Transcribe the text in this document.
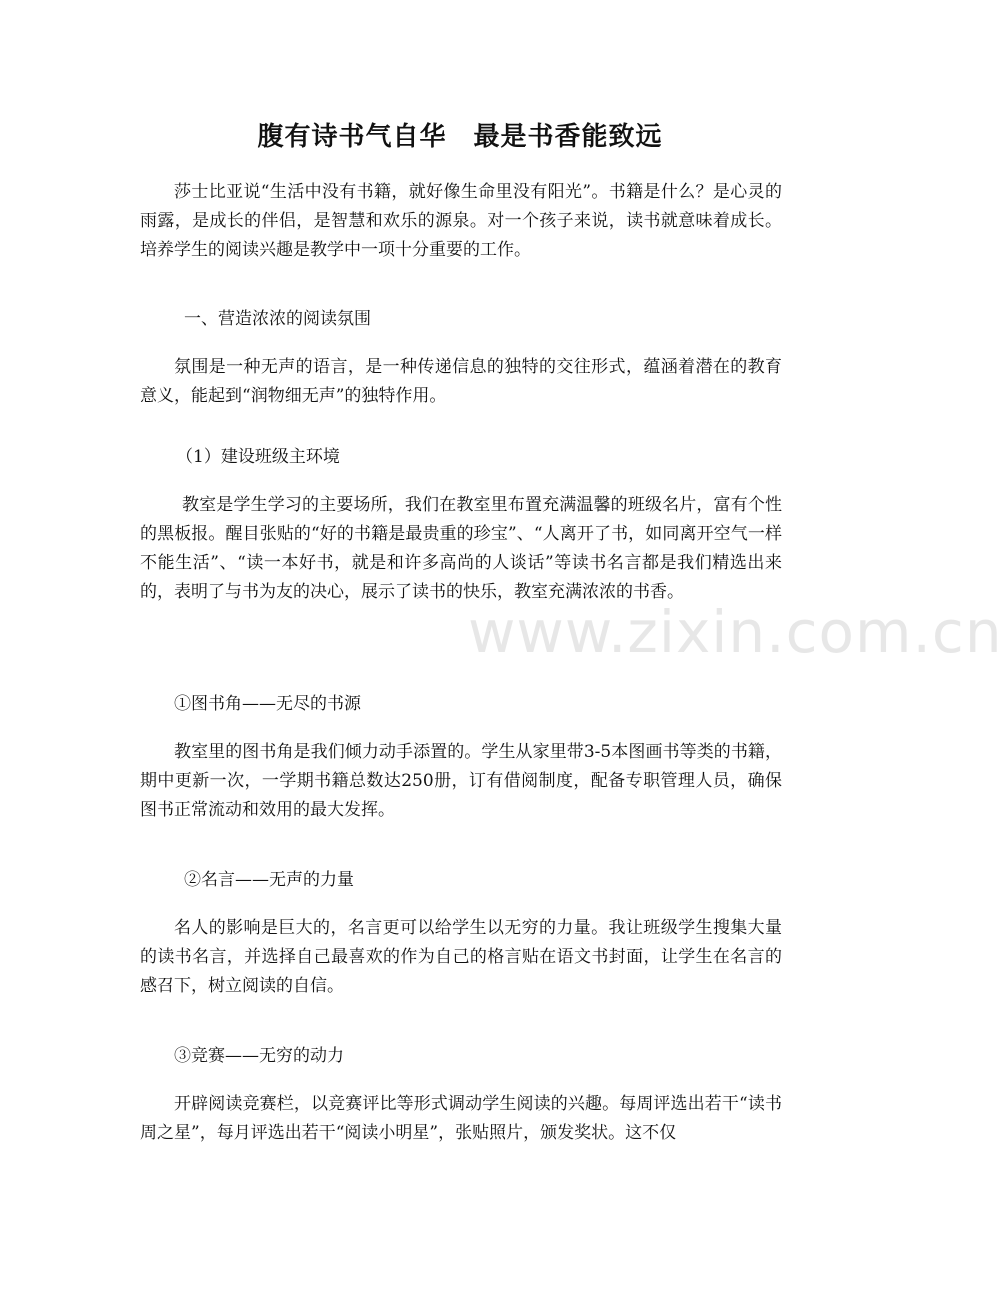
腹有诗书气自华　最是书香能致远
莎士比亚说“生活中没有书籍，就好像生命里没有阳光”。书籍是什么？是心灵的雨露，是成长的伴侣，是智慧和欢乐的源泉。对一个孩子来说，读书就意味着成长。培养学生的阅读兴趣是教学中一项十分重要的工作。
一、营造浓浓的阅读氛围
氛围是一种无声的语言，是一种传递信息的独特的交往形式，蕴涵着潜在的教育意义，能起到“润物细无声”的独特作用。
（1）建设班级主环境
教室是学生学习的主要场所，我们在教室里布置充满温馨的班级名片，富有个性的黑板报。醒目张贴的“好的书籍是最贵重的珍宝”、“人离开了书，如同离开空气一样不能生活”、“读一本好书，就是和许多高尚的人谈话”等读书名言都是我们精选出来的，表明了与书为友的决心，展示了读书的快乐，教室充满浓浓的书香。
①图书角——无尽的书源
教室里的图书角是我们倾力动手添置的。学生从家里带3-5本图画书等类的书籍，期中更新一次，一学期书籍总数达250册，订有借阅制度，配备专职管理人员，确保图书正常流动和效用的最大发挥。
②名言——无声的力量
名人的影响是巨大的，名言更可以给学生以无穷的力量。我让班级学生搜集大量的读书名言，并选择自己最喜欢的作为自己的格言贴在语文书封面，让学生在名言的感召下，树立阅读的自信。
③竞赛——无穷的动力
开辟阅读竞赛栏，以竞赛评比等形式调动学生阅读的兴趣。每周评选出若干“读书周之星”，每月评选出若干“阅读小明星”，张贴照片，颁发奖状。这不仅
www.zixin.com.cn
